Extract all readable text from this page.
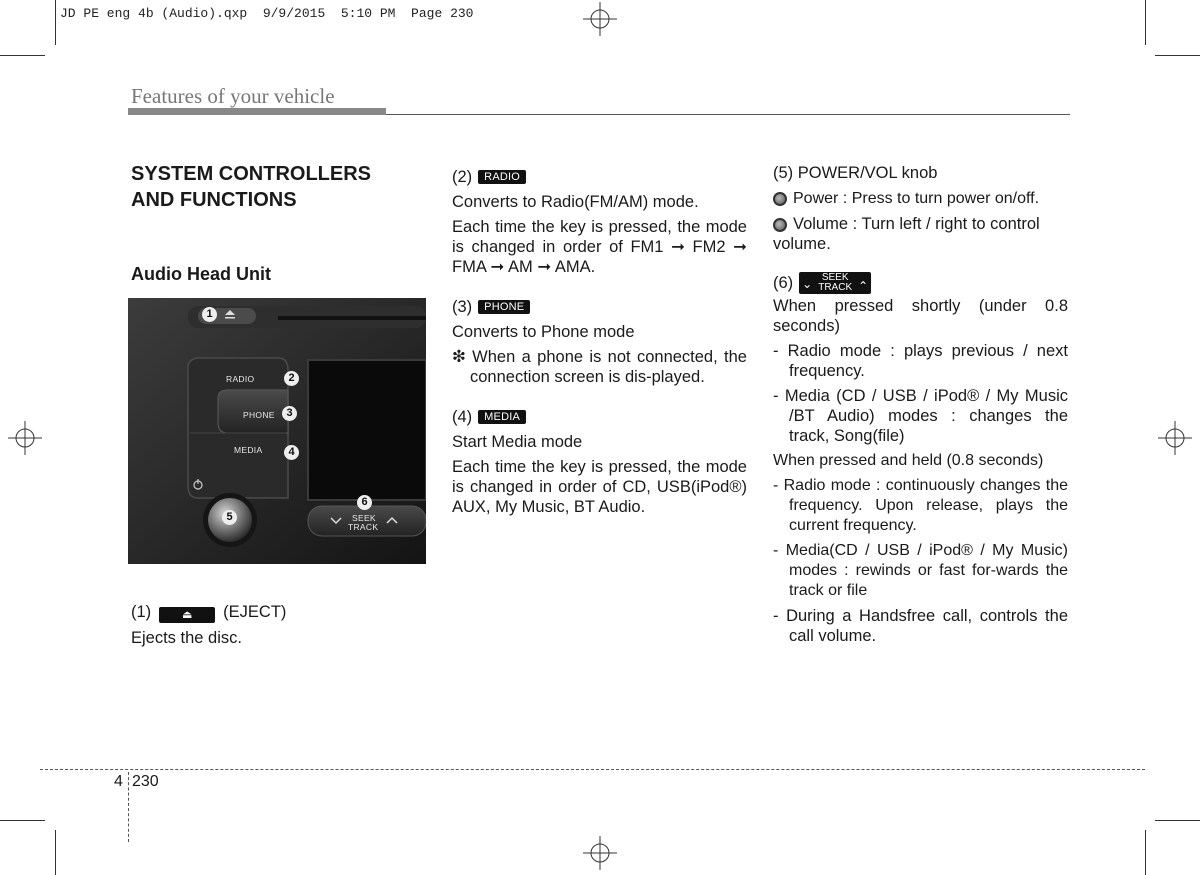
JD PE eng 4b (Audio).qxp  9/9/2015  5:10 PM  Page 230
Features of your vehicle
SYSTEM CONTROLLERS
AND FUNCTIONS
Audio Head Unit
RADIO
PHONE
MEDIA
SEEK
TRACK
1
2
3
4
5
6

(1)	⏏ (EJECT)

Ejects the disc.

(2) RADIO

Converts to Radio(FM/AM) mode.

Each time the key is pressed, the mode is changed in order of FM1 ➞ FM2 ➞ FMA ➞ AM ➞ AMA.

(3) PHONE

Converts to Phone mode

❇ When a phone is not connected, the connection screen is dis-played.

(4) MEDIA

Start Media mode

Each time the key is pressed, the mode is changed in order of CD, USB(iPod®) AUX, My Music, BT Audio.

(5) POWER/VOL knob

Power : Press to turn power on/off.

Volume : Turn left / right to control volume.

(6) ⌄ SEEK
TRACK ⌃

When pressed shortly (under 0.8 seconds)

- Radio mode : plays previous / next frequency.

- Media (CD / USB / iPod® / My Music /BT Audio) modes : changes the track, Song(file)

When pressed and held (0.8 seconds)

- Radio mode : continuously changes the frequency. Upon release, plays the current frequency.

- Media(CD / USB / iPod® / My Music) modes : rewinds or fast for-wards the track or file

- During a Handsfree call, controls the call volume.

4 230
